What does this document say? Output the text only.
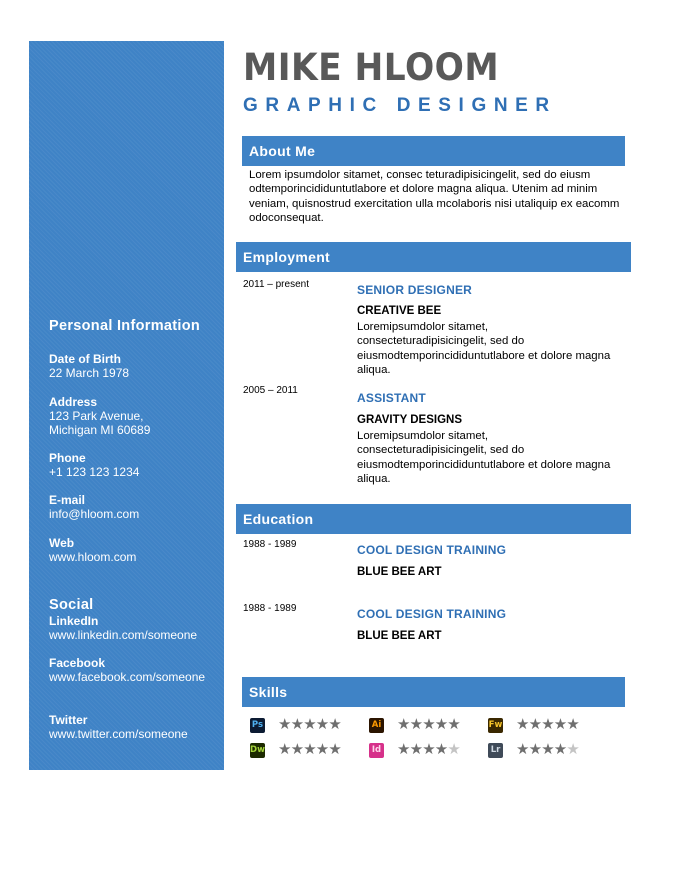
Personal Information
Date of Birth
22 March 1978
Address
123 Park Avenue,
Michigan MI 60689
Phone
+1 123 123 1234
E-mail
info@hloom.com
Web
www.hloom.com
Social
LinkedIn
www.linkedin.com/someone
Facebook
www.facebook.com/someone
Twitter
www.twitter.com/someone
MIKE HLOOM
GRAPHIC DESIGNER
About Me
Lorem ipsumdolor sitamet, consec teturadipisicingelit, sed do eiusm odtemporincididuntutlabore et dolore magna aliqua. Utenim ad minim veniam, quisnostrud exercitation ulla mcolaboris nisi utaliquip ex eacomm odoconsequat.
Employment
2011 – present	SENIOR DESIGNER
CREATIVE BEE
Loremipsumdolor sitamet, consecteturadipisicingelit, sed do eiusmodtemporincididuntutlabore et dolore magna aliqua.
2005 – 2011
ASSISTANT
GRAVITY DESIGNS
Loremipsumdolor sitamet, consecteturadipisicingelit, sed do eiusmodtemporincididuntutlabore et dolore magna aliqua.
Education
1988 - 1989	COOL DESIGN TRAINING
BLUE BEE ART
1988 - 1989	COOL DESIGN TRAINING
BLUE BEE ART
Skills
Ps ★★★★★	Ai ★★★★★	Fw ★★★★★
Dw ★★★★★	Id ★★★★★	Lr ★★★★★
